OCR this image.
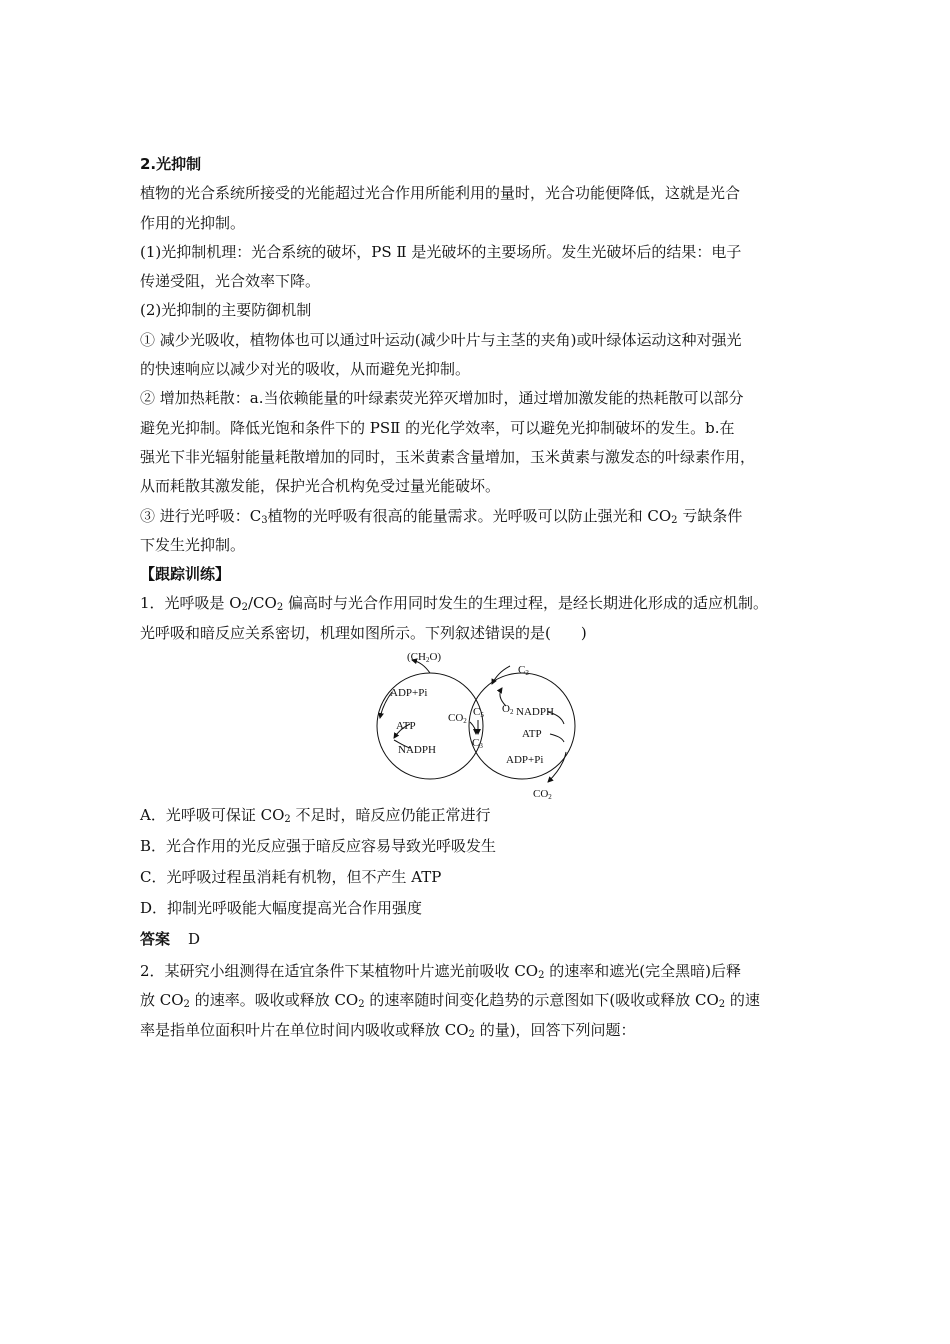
2.光抑制
植物的光合系统所接受的光能超过光合作用所能利用的量时，光合功能便降低，这就是光合
作用的光抑制。
(1)光抑制机理：光合系统的破坏，PS Ⅱ 是光破坏的主要场所。发生光破坏后的结果：电子
传递受阻，光合效率下降。
(2)光抑制的主要防御机制
① 减少光吸收，植物体也可以通过叶运动(减少叶片与主茎的夹角)或叶绿体运动这种对强光
的快速响应以减少对光的吸收，从而避免光抑制。
② 增加热耗散：a.当依赖能量的叶绿素荧光猝灭增加时，通过增加激发能的热耗散可以部分
避免光抑制。降低光饱和条件下的 PSⅡ 的光化学效率，可以避免光抑制破坏的发生。b.在
强光下非光辐射能量耗散增加的同时，玉米黄素含量增加，玉米黄素与激发态的叶绿素作用，
从而耗散其激发能，保护光合机构免受过量光能破坏。
③ 进行光呼吸：$C_3$植物的光呼吸有很高的能量需求。光呼吸可以防止强光和 $CO_2$ 亏缺条件
下发生光抑制。
【跟踪训练】
1．光呼吸是 $O_2/CO_2$ 偏高时与光合作用同时发生的生理过程，是经长期进化形成的适应机制。
光呼吸和暗反应关系密切，机理如图所示。下列叙述错误的是(　　)
(CH2O)
ADP+Pi
ATP
NADPH
CO2
C5
C3
C2
O2 NADPH
ATP
ADP+Pi
CO2
A．光呼吸可保证 $CO_2$ 不足时，暗反应仍能正常进行
B．光合作用的光反应强于暗反应容易导致光呼吸发生
C．光呼吸过程虽消耗有机物，但不产生 ATP
D．抑制光呼吸能大幅度提高光合作用强度
答案 D
2．某研究小组测得在适宜条件下某植物叶片遮光前吸收 $CO_2$ 的速率和遮光(完全黑暗)后释
放 $CO_2$ 的速率。吸收或释放 $CO_2$ 的速率随时间变化趋势的示意图如下(吸收或释放 $CO_2$ 的速
率是指单位面积叶片在单位时间内吸收或释放 $CO_2$ 的量)，回答下列问题：
